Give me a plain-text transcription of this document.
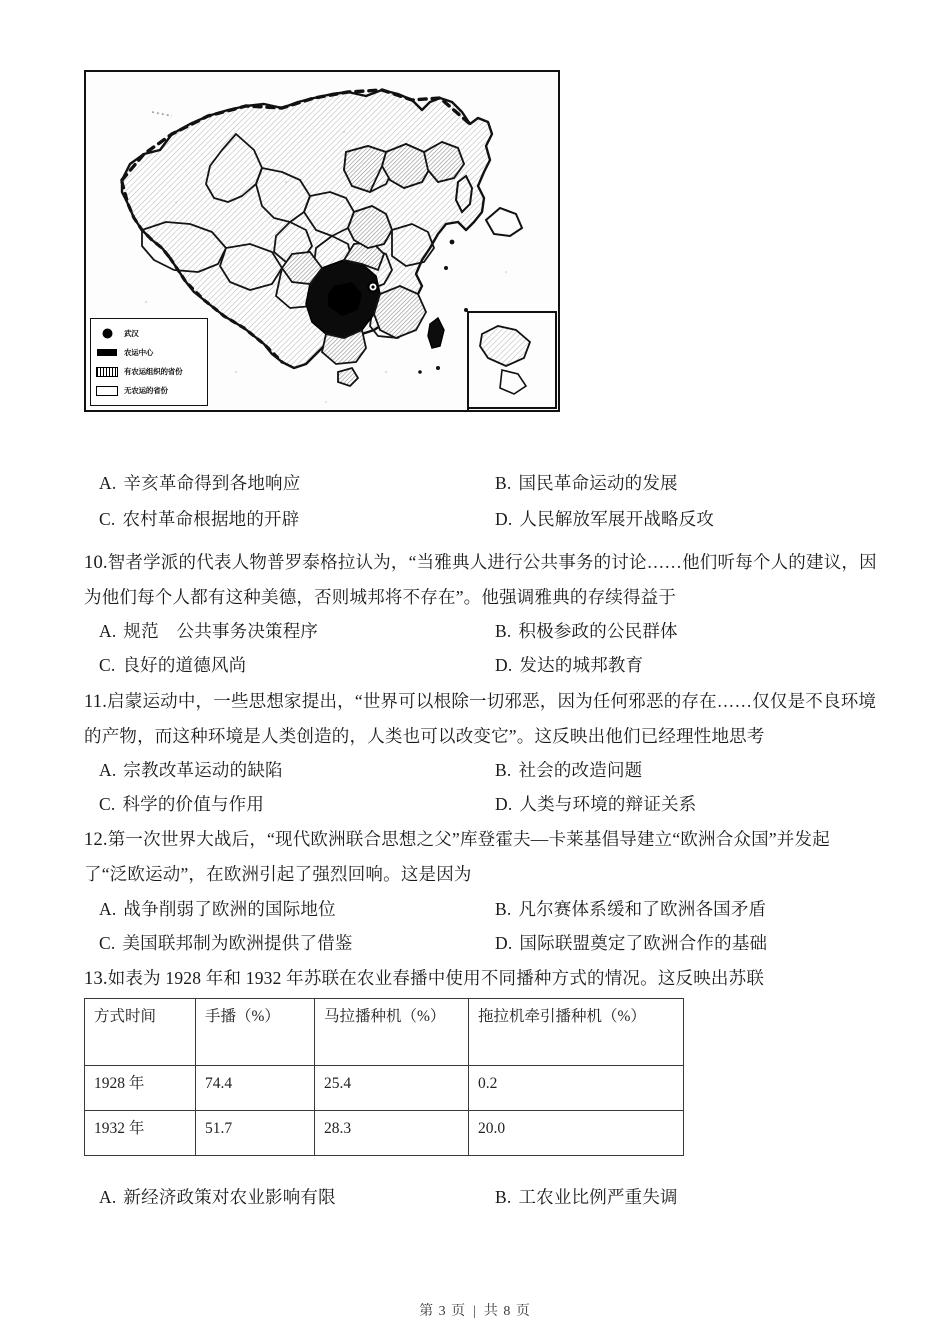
武汉
农运中心
有农运组织的省份
无农运的省份
A. 辛亥革命得到各地响应	B. 国民革命运动的发展
C. 农村革命根据地的开辟	D. 人民解放军展开战略反攻
10.智者学派的代表人物普罗泰格拉认为，“当雅典人进行公共事务的讨论……他们听每个人的建议，因
为他们每个人都有这种美德，否则城邦将不存在”。他强调雅典的存续得益于
A. 规范　公共事务决策程序	B. 积极参政的公民群体
C. 良好的道德风尚	D. 发达的城邦教育
11.启蒙运动中，一些思想家提出，“世界可以根除一切邪恶，因为任何邪恶的存在……仅仅是不良环境
的产物，而这种环境是人类创造的，人类也可以改变它”。这反映出他们已经理性地思考
A. 宗教改革运动的缺陷	B. 社会的改造问题
C. 科学的价值与作用	D. 人类与环境的辩证关系
12.第一次世界大战后，“现代欧洲联合思想之父”库登霍夫—卡莱基倡导建立“欧洲合众国”并发起
了“泛欧运动”，在欧洲引起了强烈回响。这是因为
A. 战争削弱了欧洲的国际地位	B. 凡尔赛体系缓和了欧洲各国矛盾
C. 美国联邦制为欧洲提供了借鉴	D. 国际联盟奠定了欧洲合作的基础
13.如表为 1928 年和 1932 年苏联在农业春播中使用不同播种方式的情况。这反映出苏联
方式时间	手播（%）	马拉播种机（%）	拖拉机牵引播种机（%）
1928 年	74.4	25.4	0.2
1932 年	51.7	28.3	20.0
A. 新经济政策对农业影响有限	B. 工农业比例严重失调
第 3 页 | 共 8 页
